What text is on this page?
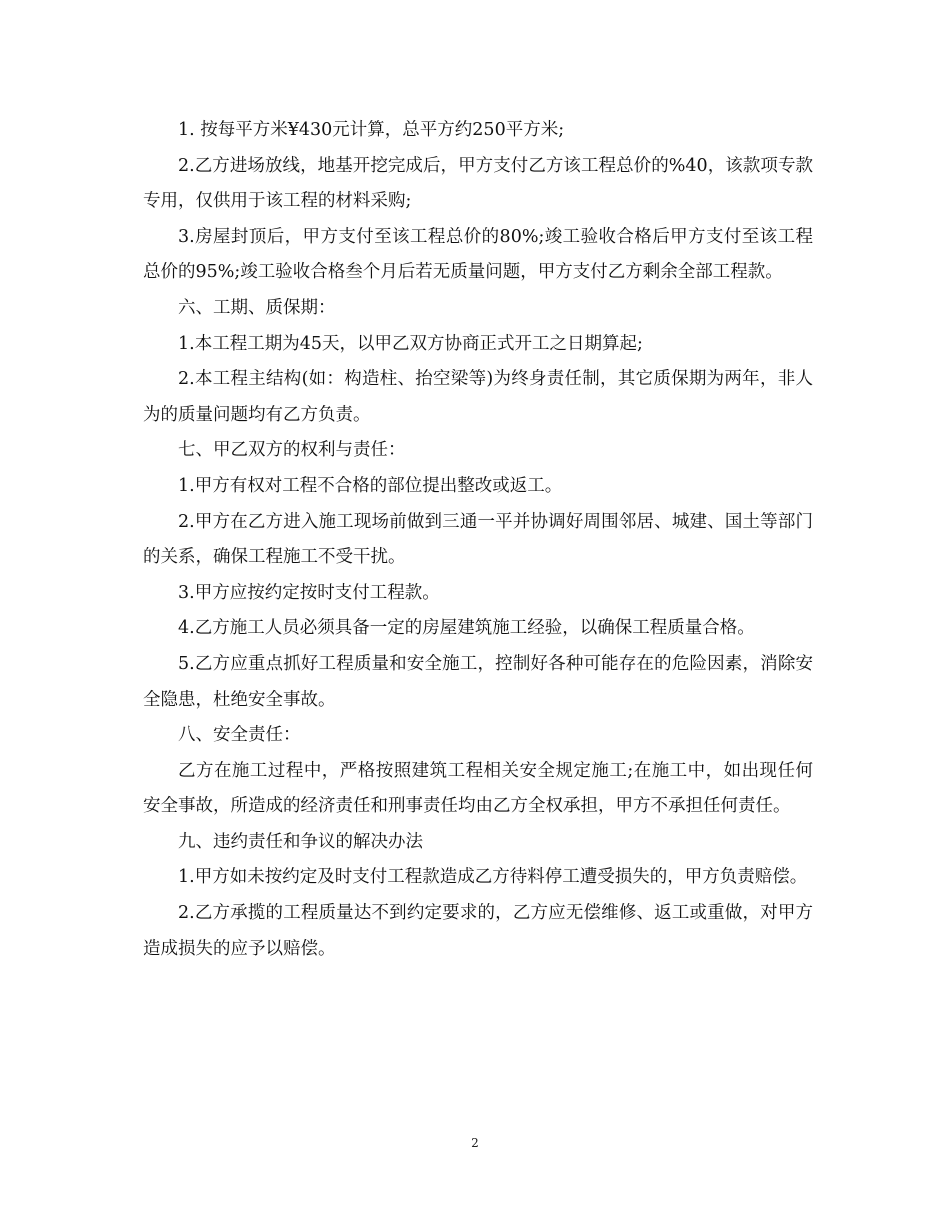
1. 按每平方米¥430元计算，总平方约250平方米;

2.乙方进场放线，地基开挖完成后，甲方支付乙方该工程总价的%40，该款项专款专用，仅供用于该工程的材料采购;

3.房屋封顶后，甲方支付至该工程总价的80%;竣工验收合格后甲方支付至该工程总价的95%;竣工验收合格叁个月后若无质量问题，甲方支付乙方剩余全部工程款。

六、工期、质保期：

1.本工程工期为45天，以甲乙双方协商正式开工之日期算起;

2.本工程主结构(如：构造柱、抬空梁等)为终身责任制，其它质保期为两年，非人为的质量问题均有乙方负责。

七、甲乙双方的权利与责任：

1.甲方有权对工程不合格的部位提出整改或返工。

2.甲方在乙方进入施工现场前做到三通一平并协调好周围邻居、城建、国土等部门的关系，确保工程施工不受干扰。

3.甲方应按约定按时支付工程款。

4.乙方施工人员必须具备一定的房屋建筑施工经验，以确保工程质量合格。

5.乙方应重点抓好工程质量和安全施工，控制好各种可能存在的危险因素，消除安全隐患，杜绝安全事故。

八、安全责任：

乙方在施工过程中，严格按照建筑工程相关安全规定施工;在施工中，如出现任何安全事故，所造成的经济责任和刑事责任均由乙方全权承担，甲方不承担任何责任。

九、违约责任和争议的解决办法

1.甲方如未按约定及时支付工程款造成乙方待料停工遭受损失的，甲方负责赔偿。

2.乙方承揽的工程质量达不到约定要求的，乙方应无偿维修、返工或重做，对甲方造成损失的应予以赔偿。

2
